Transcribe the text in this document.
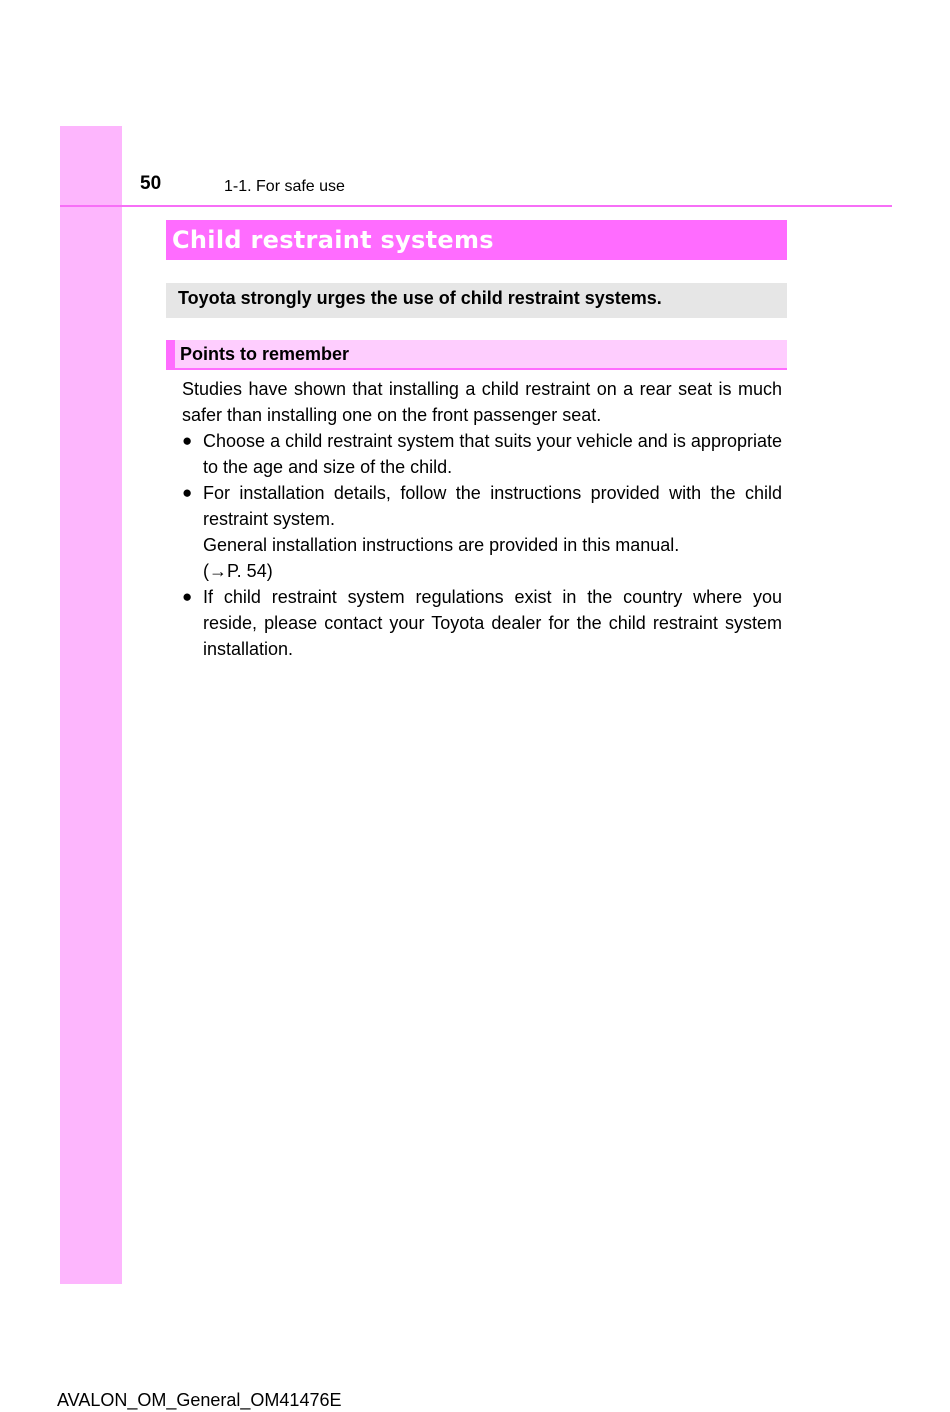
50	1-1. For safe use
Child restraint systems
Toyota strongly urges the use of child restraint systems.
Points to remember

Studies have shown that installing a child restraint on a rear seat is much safer than installing one on the front passenger seat.

● Choose a child restraint system that suits your vehicle and is appropriate to the age and size of the child.
● For installation details, follow the instructions provided with the child restraint system.
General installation instructions are provided in this manual.
(→P. 54)
● If child restraint system regulations exist in the country where you reside, please contact your Toyota dealer for the child restraint system installation.
AVALON_OM_General_OM41476E
